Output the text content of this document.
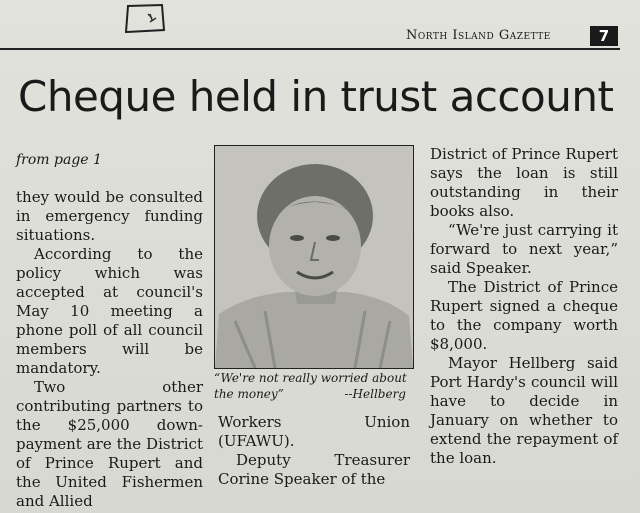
North Island Gazette	7
Cheque held in trust account
from page 1

they would be consulted in emergency funding situations.

According to the policy which was accepted at council's May 10 meeting a phone poll of all council members will be mandatory.

Two other contributing partners to the $25,000 down-payment are the District of Prince Rupert and the United Fishermen and Allied

“We're not really worried about the money”	--Hellberg

Workers Union (UFAWU).

Deputy Treasurer Corine Speaker of the

District of Prince Rupert says the loan is still outstanding in their books also.

“We're just carrying it forward to next year,” said Speaker.

The District of Prince Rupert signed a cheque to the company worth $8,000.

Mayor Hellberg said Port Hardy's council will have to decide in January on whether to extend the repayment of the loan.
